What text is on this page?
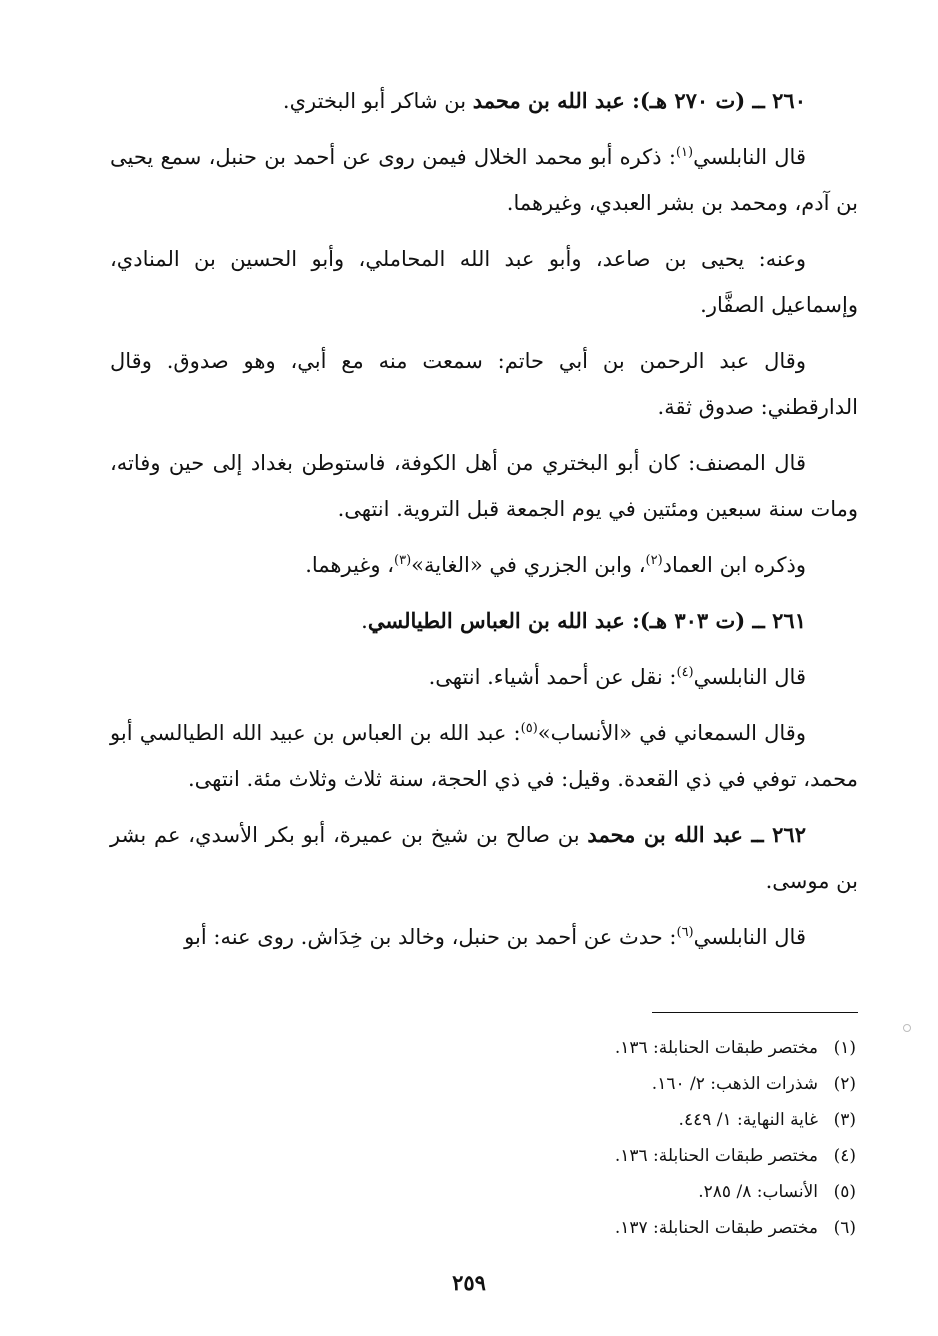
٢٦٠ ــ (ت ٢٧٠ هـ): عبد الله بن محمد بن شاكر أبو البختري.

قال النابلسي$^{(١)}$: ذكره أبو محمد الخلال فيمن روى عن أحمد بن حنبل، سمع يحيى بن آدم، ومحمد بن بشر العبدي، وغيرهما.

وعنه: يحيى بن صاعد، وأبو عبد الله المحاملي، وأبو الحسين بن المنادي، وإسماعيل الصفَّار.

وقال عبد الرحمن بن أبي حاتم: سمعت منه مع أبي، وهو صدوق. وقال الدارقطني: صدوق ثقة.

قال المصنف: كان أبو البختري من أهل الكوفة، فاستوطن بغداد إلى حين وفاته، ومات سنة سبعين ومئتين في يوم الجمعة قبل التروية. انتهى.

وذكره ابن العماد$^{(٢)}$، وابن الجزري في «الغاية»$^{(٣)}$، وغيرهما.

٢٦١ ــ (ت ٣٠٣ هـ): عبد الله بن العباس الطيالسي.

قال النابلسي$^{(٤)}$: نقل عن أحمد أشياء. انتهى.

وقال السمعاني في «الأنساب»$^{(٥)}$: عبد الله بن العباس بن عبيد الله الطيالسي أبو محمد، توفي في ذي القعدة. وقيل: في ذي الحجة، سنة ثلاث وثلاث مئة. انتهى.

٢٦٢ ــ عبد الله بن محمد بن صالح بن شيخ بن عميرة، أبو بكر الأسدي، عم بشر بن موسى.

قال النابلسي$^{(٦)}$: حدث عن أحمد بن حنبل، وخالد بن خِدَاش. روى عنه: أبو

(١)
مختصر طبقات الحنابلة: ١٣٦.
(٢)
شذرات الذهب: ٢/ ١٦٠.
(٣)
غاية النهاية: ١/ ٤٤٩.
(٤)
مختصر طبقات الحنابلة: ١٣٦.
(٥)
الأنساب: ٨/ ٢٨٥.
(٦)
مختصر طبقات الحنابلة: ١٣٧.
٢٥٩
